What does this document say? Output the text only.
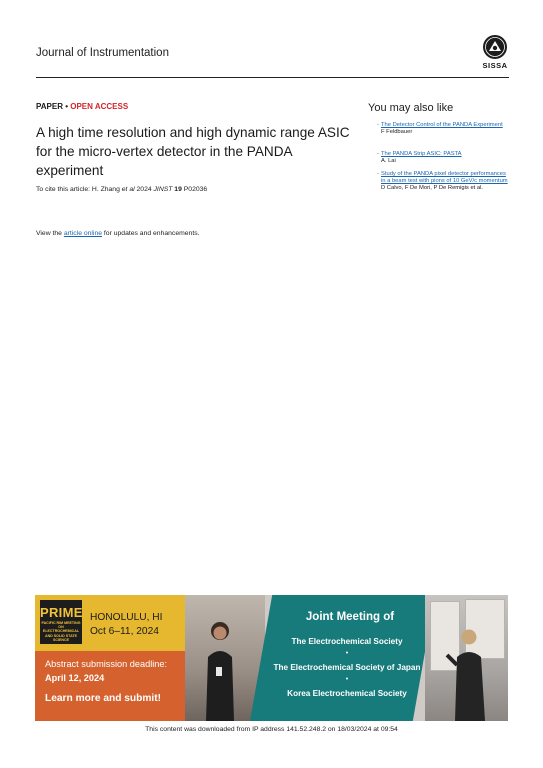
Journal of Instrumentation
SISSA
PAPER • OPEN ACCESS
A high time resolution and high dynamic range ASIC for the micro-vertex detector in the PANDA experiment
To cite this article: H. Zhang et al 2024 JINST 19 P02036
View the article online for updates and enhancements.
You may also like
- The Detector Control of the PANDA Experiment
F Feldbauer
- The PANDA Strip ASIC: PASTA
A. Lai
- Study of the PANDA pixel detector performances in a beam test with pions of 10 GeV/c momentum
D Calvo, F De Mori, P De Remigis et al.
PRIME
PACIFIC RIM MEETING ON ELECTROCHEMICAL AND SOLID STATE SCIENCE
HONOLULU, HI
Oct 6–11, 2024
Abstract submission deadline:
April 12, 2024
Learn more and submit!
Joint Meeting of
The Electrochemical Society
•
The Electrochemical Society of Japan
•
Korea Electrochemical Society
This content was downloaded from IP address 141.52.248.2 on 18/03/2024 at 09:54
